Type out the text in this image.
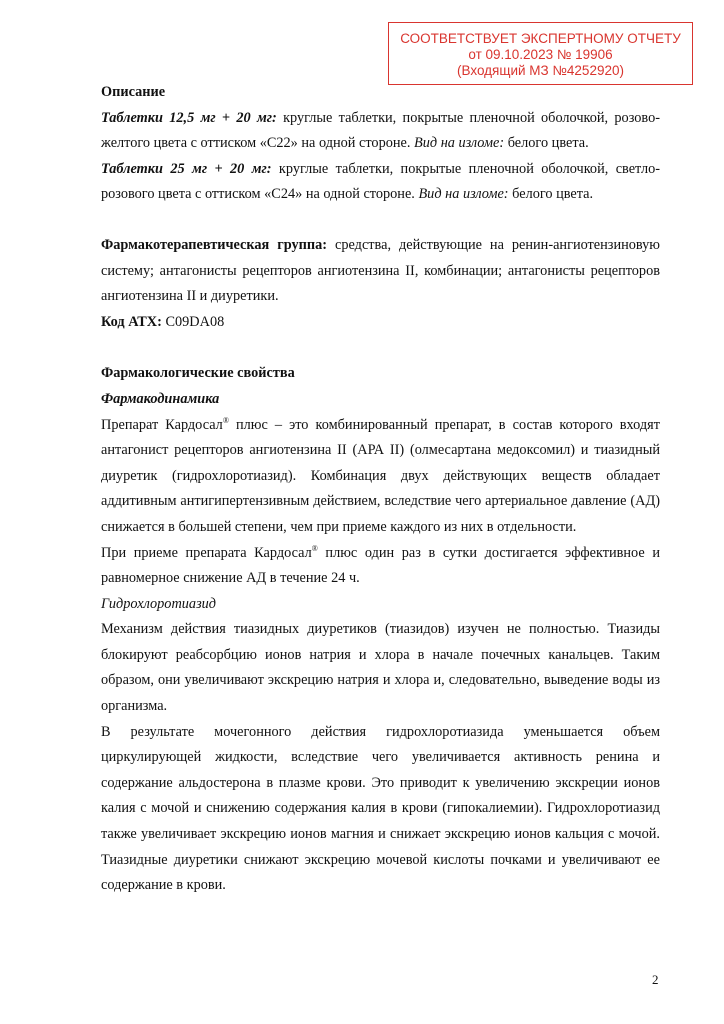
СООТВЕТСТВУЕТ ЭКСПЕРТНОМУ ОТЧЕТУ
от 09.10.2023 № 19906
(Входящий МЗ №4252920)

Описание

Таблетки 12,5 мг + 20 мг: круглые таблетки, покрытые пленочной оболочкой, розово-желтого цвета с оттиском «С22» на одной стороне. Вид на изломе: белого цвета.

Таблетки 25 мг + 20 мг: круглые таблетки, покрытые пленочной оболочкой, светло-розового цвета с оттиском «С24» на одной стороне. Вид на изломе: белого цвета.

Фармакотерапевтическая группа: средства, действующие на ренин-ангиотензиновую систему; антагонисты рецепторов ангиотензина II, комбинации; антагонисты рецепторов ангиотензина II и диуретики.

Код АТХ: C09DA08

Фармакологические свойства

Фармакодинамика

Препарат Кардосал® плюс – это комбинированный препарат, в состав которого входят антагонист рецепторов ангиотензина II (АРА II) (олмесартана медоксомил) и тиазидный диуретик (гидрохлоротиазид). Комбинация двух действующих веществ обладает аддитивным антигипертензивным действием, вследствие чего артериальное давление (АД) снижается в большей степени, чем при приеме каждого из них в отдельности.

При приеме препарата Кардосал® плюс один раз в сутки достигается эффективное и равномерное снижение АД в течение 24 ч.

Гидрохлоротиазид

Механизм действия тиазидных диуретиков (тиазидов) изучен не полностью. Тиазиды блокируют реабсорбцию ионов натрия и хлора в начале почечных канальцев. Таким образом, они увеличивают экскрецию натрия и хлора и, следовательно, выведение воды из организма.

В результате мочегонного действия гидрохлоротиазида уменьшается объем циркулирующей жидкости, вследствие чего увеличивается активность ренина и содержание альдостерона в плазме крови. Это приводит к увеличению экскреции ионов калия с мочой и снижению содержания калия в крови (гипокалиемии). Гидрохлоротиазид также увеличивает экскрецию ионов магния и снижает экскрецию ионов кальция с мочой. Тиазидные диуретики снижают экскрецию мочевой кислоты почками и увеличивают ее содержание в крови.

2
